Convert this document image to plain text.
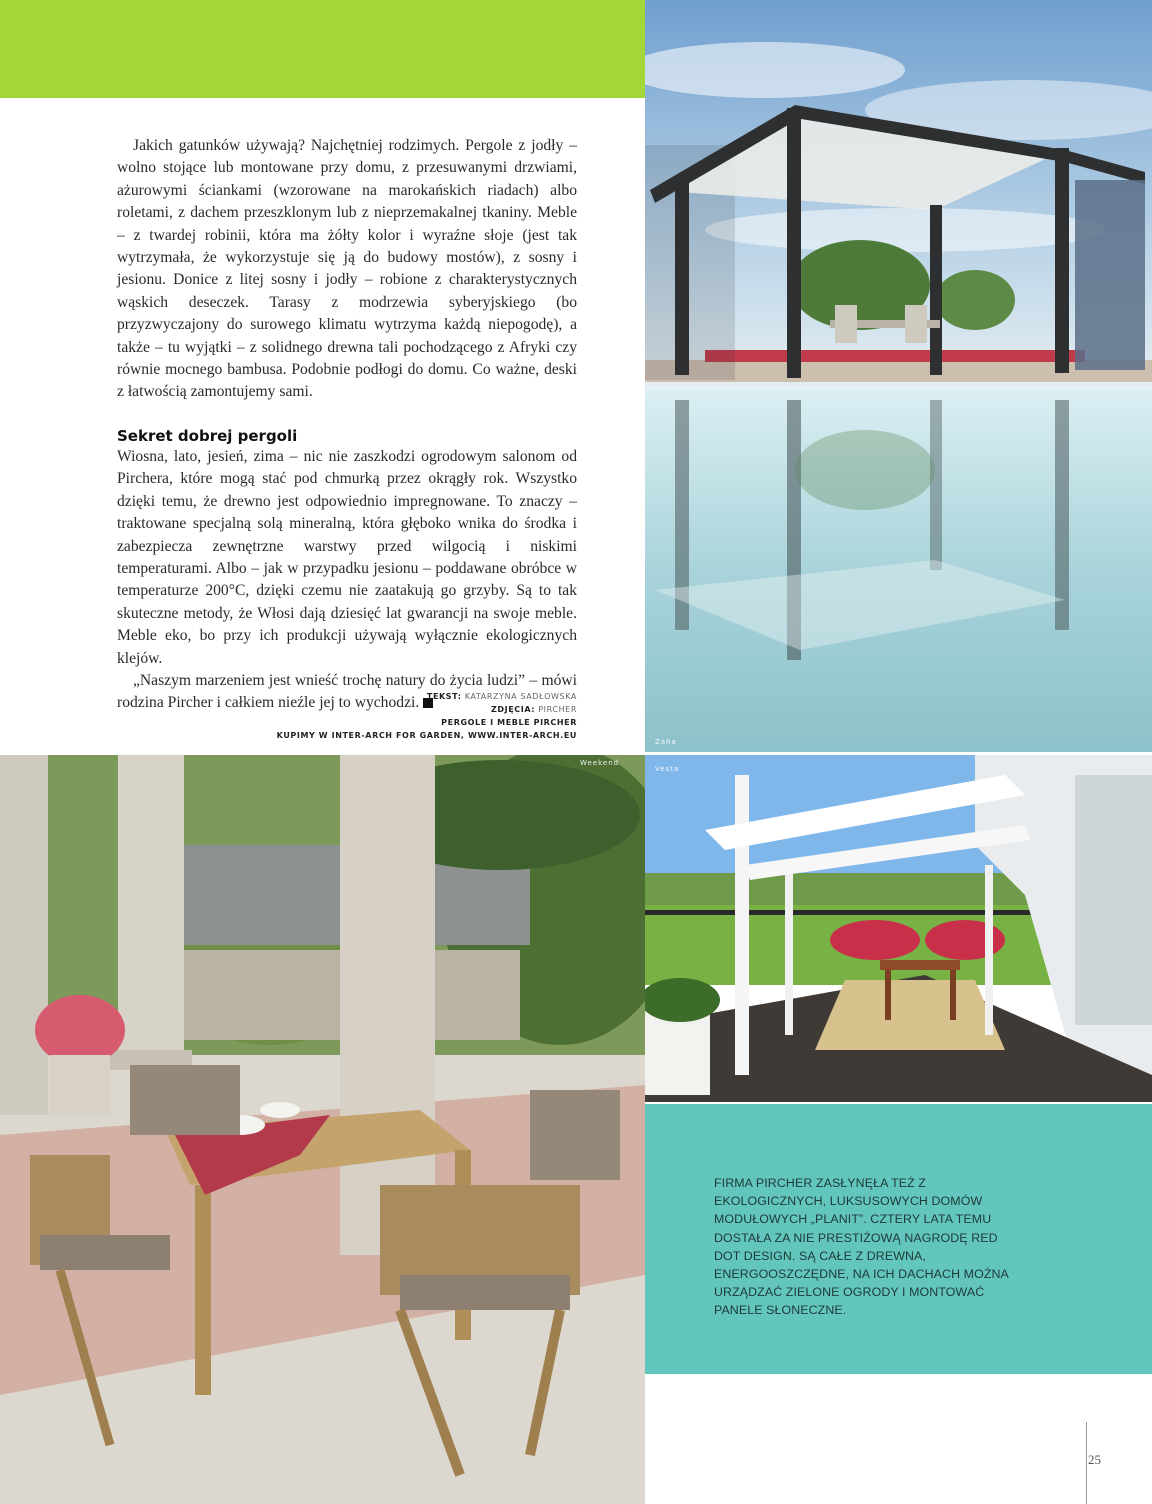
Jakich gatunków używają? Najchętniej rodzimych. Pergole z jodły – wolno stojące lub montowane przy domu, z przesuwanymi drzwiami, ażurowymi ściankami (wzorowane na marokańskich riadach) albo roletami, z dachem przeszklonym lub z nieprzemakalnej tkaniny. Meble – z twardej robinii, która ma żółty kolor i wyraźne słoje (jest tak wytrzymała, że wykorzystuje się ją do budowy mostów), z sosny i jesionu. Donice z litej sosny i jodły – robione z charakterystycznych wąskich deseczek. Tarasy z modrzewia syberyjskiego (bo przyzwyczajony do surowego klimatu wytrzyma każdą niepogodę), a także – tu wyjątki – z solidnego drewna tali pochodzącego z Afryki czy równie mocnego bambusa. Podobnie podłogi do domu. Co ważne, deski z łatwością zamontujemy sami.

Sekret dobrej pergoli

Wiosna, lato, jesień, zima – nic nie zaszkodzi ogrodowym salonom od Pirchera, które mogą stać pod chmurką przez okrągły rok. Wszystko dzięki temu, że drewno jest odpowiednio impregnowane. To znaczy – traktowane specjalną solą mineralną, która głęboko wnika do środka i zabezpiecza zewnętrzne warstwy przed wilgocią i niskimi temperaturami. Albo – jak w przypadku jesionu – poddawane obróbce w temperaturze 200°C, dzięki czemu nie zaatakują go grzyby. Są to tak skuteczne metody, że Włosi dają dziesięć lat gwarancji na swoje meble. Meble eko, bo przy ich produkcji używają wyłącznie ekologicznych klejów.

„Naszym marzeniem jest wnieść trochę natury do życia ludzi” – mówi rodzina Pircher i całkiem nieźle jej to wychodzi. TEKST: KATARZYNA SADŁOWSKA
ZDJĘCIA: PIRCHER
PERGOLE I MEBLE PIRCHER
KUPIMY W INTER-ARCH FOR GARDEN, WWW.INTER-ARCH.EU
Zaha
Weekend
Vesta
FIRMA PIRCHER ZASŁYNĘŁA TEŻ Z EKOLOGICZNYCH, LUKSUSOWYCH DOMÓW MODUŁOWYCH „PLANIT”. CZTERY LATA TEMU DOSTAŁA ZA NIE PRESTIŻOWĄ NAGRODĘ RED DOT DESIGN. SĄ CAŁE Z DREWNA, ENERGOOSZCZĘDNE, NA ICH DACHACH MOŻNA URZĄDZAĆ ZIELONE OGRODY I MONTOWAĆ PANELE SŁONECZNE.
25
